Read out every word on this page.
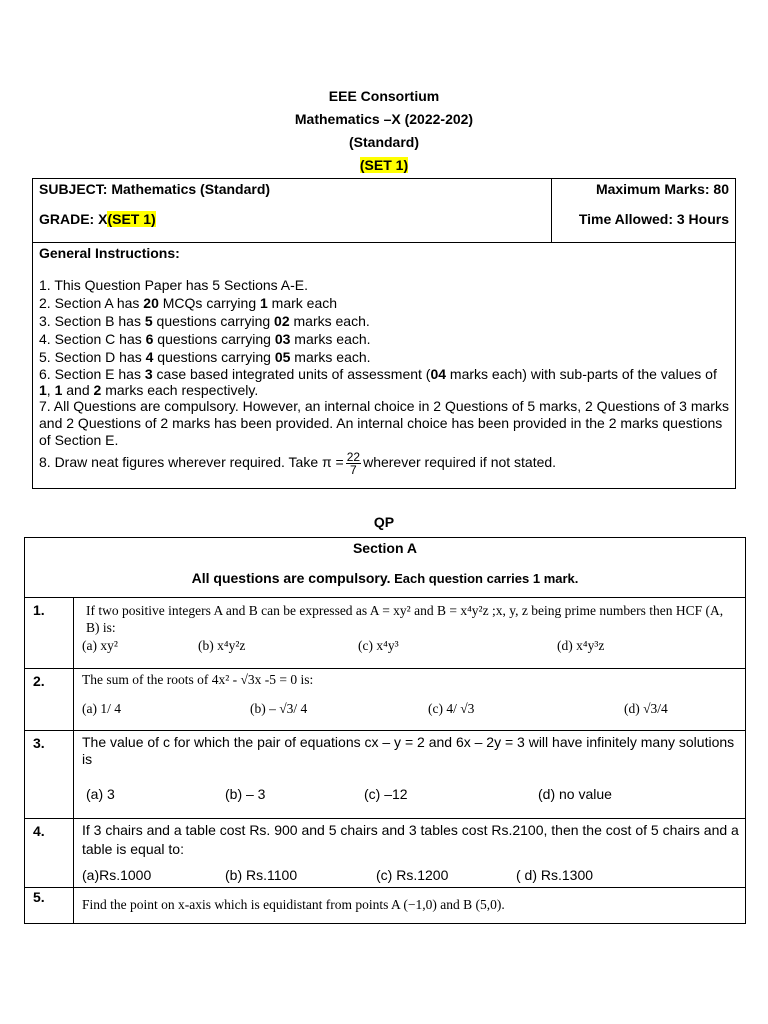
EEE Consortium
Mathematics –X (2022-202)
(Standard)
(SET 1)
SUBJECT: Mathematics (Standard)
GRADE: X(SET 1)

Maximum Marks: 80
Time Allowed: 3 Hours

General Instructions:
1. This Question Paper has 5 Sections A-E.
2. Section A has 20 MCQs carrying 1 mark each
3. Section B has 5 questions carrying 02 marks each.
4. Section C has 6 questions carrying 03 marks each.
5. Section D has 4 questions carrying 05 marks each.
6. Section E has 3 case based integrated units of assessment (04 marks each) with sub-parts of the values of 1, 1 and 2 marks each respectively.
7. All Questions are compulsory. However, an internal choice in 2 Questions of 5 marks, 2 Questions of 3 marks and 2 Questions of 2 marks has been provided. An internal choice has been provided in the 2 marks questions of Section E.
8. Draw neat figures wherever required. Take $\pi = \frac{22}{7}$ wherever required if not stated.
QP
Section A
All questions are compulsory. Each question carries 1 mark.	

1.	If two positive integers A and B can be expressed as A = xy² and B = x⁴y²z ;x, y, z being prime numbers then HCF (A, B) is:
(a) xy² (b) x⁴y²z (c) x⁴y³ (d) x⁴y³z

2.	The sum of the roots of 4x² - √3x -5 = 0 is:
(a) 1/ 4 (b) – √3/ 4 (c) 4/ √3 (d) √3/4

3.	The value of c for which the pair of equations cx – y = 2 and 6x – 2y = 3 will have infinitely many solutions is
(a) 3 (b) – 3 (c) –12 (d) no value

4.	If 3 chairs and a table cost Rs. 900 and 5 chairs and 3 tables cost Rs.2100, then the cost of 5 chairs and a table is equal to:
(a)Rs.1000 (b) Rs.1100 (c) Rs.1200 ( d) Rs.1300

5.	Find the point on x-axis which is equidistant from points A (−1,0) and B (5,0).
